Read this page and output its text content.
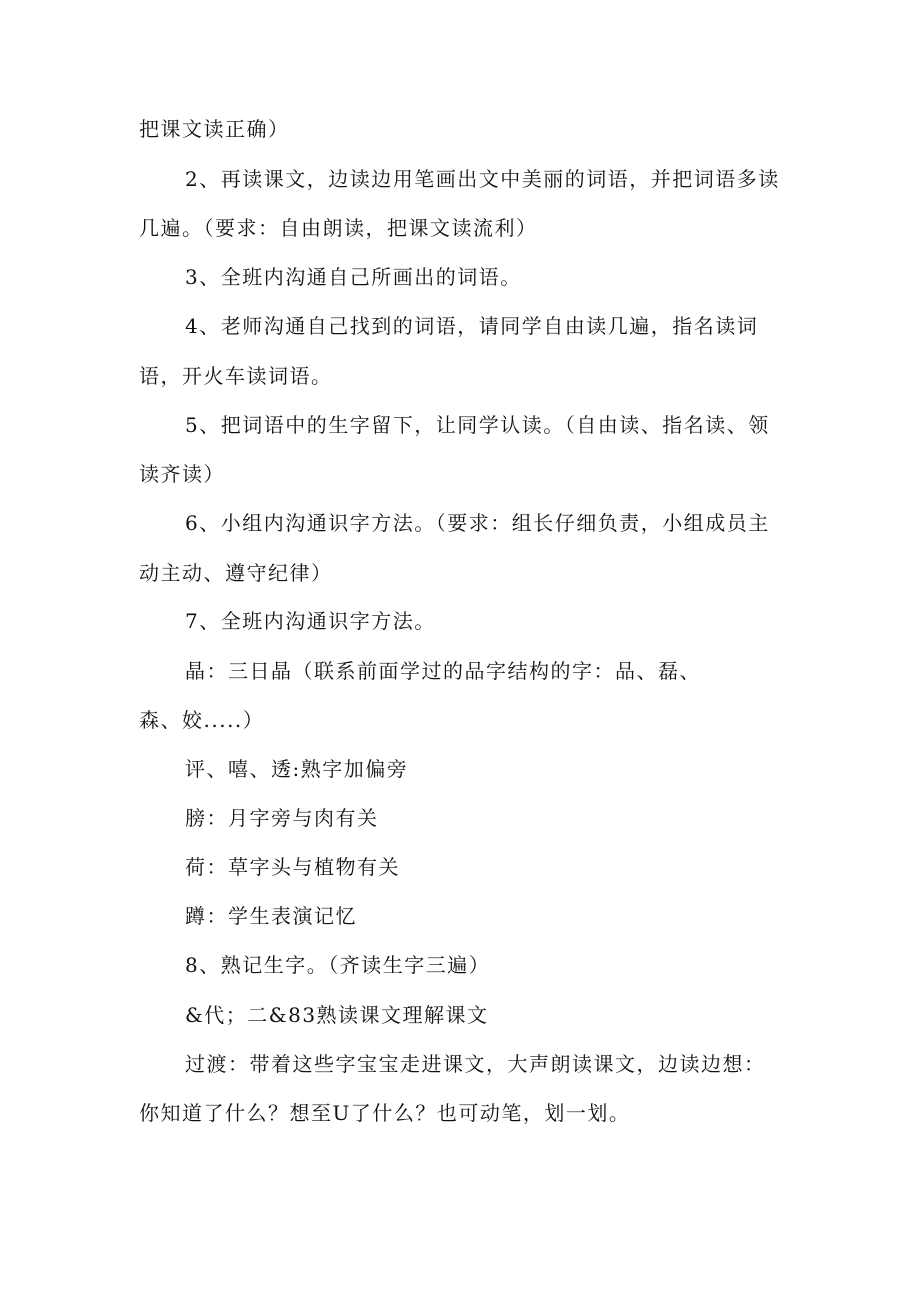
把课文读正确）
2、再读课文，边读边用笔画出文中美丽的词语，并把词语多读
几遍。（要求：自由朗读，把课文读流利）
3、全班内沟通自己所画出的词语。
4、老师沟通自己找到的词语，请同学自由读几遍，指名读词
语，开火车读词语。
5、把词语中的生字留下，让同学认读。（自由读、指名读、领
读齐读）
6、小组内沟通识字方法。（要求：组长仔细负责，小组成员主
动主动、遵守纪律）
7、全班内沟通识字方法。
晶：三日晶（联系前面学过的品字结构的字：品、磊、
森、姣.....）
评、嘻、透:熟字加偏旁
膀：月字旁与肉有关
荷：草字头与植物有关
蹲：学生表演记忆
8、熟记生字。（齐读生字三遍）
&代；二&83熟读课文理解课文
过渡：带着这些字宝宝走进课文，大声朗读课文，边读边想：
你知道了什么？想至U了什么？也可动笔，划一划。
